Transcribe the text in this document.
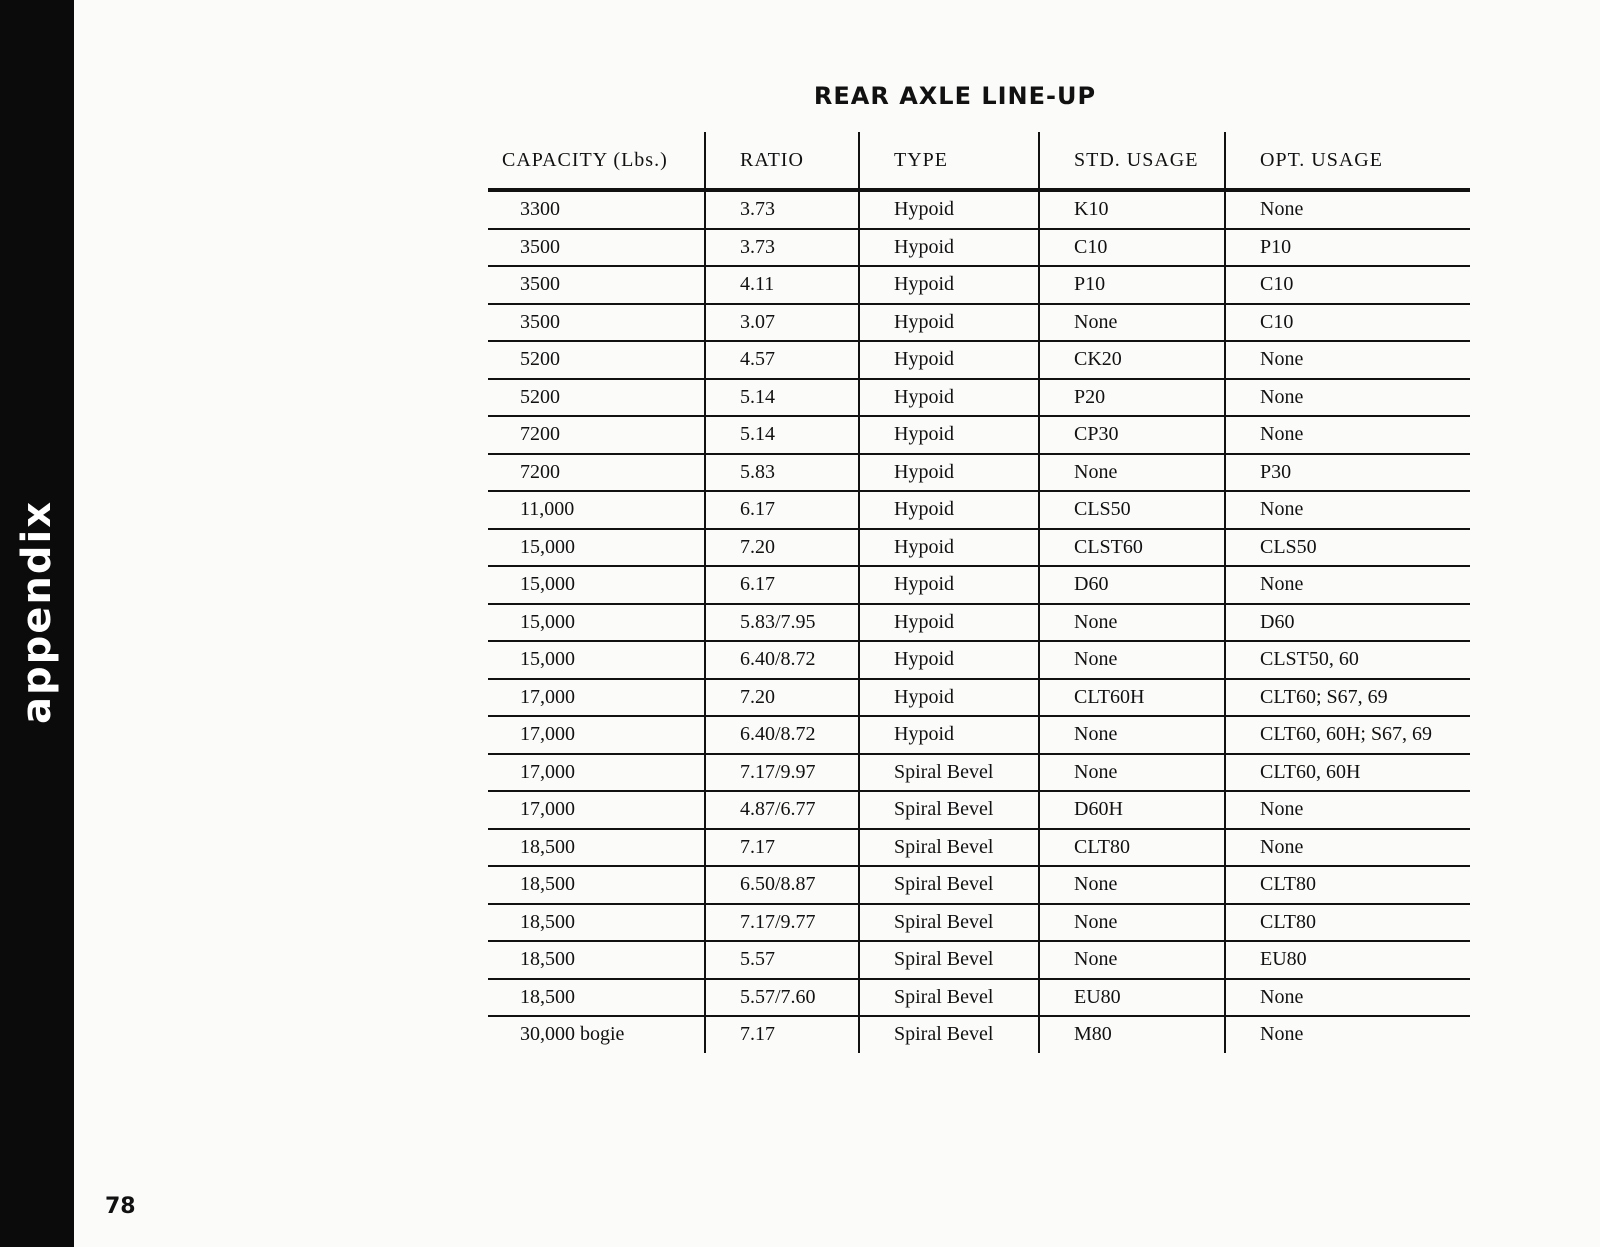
appendix
REAR AXLE LINE-UP
CAPACITY (Lbs.)	RATIO	TYPE	STD. USAGE	OPT. USAGE
3300	3.73	Hypoid	K10	None
3500	3.73	Hypoid	C10	P10
3500	4.11	Hypoid	P10	C10
3500	3.07	Hypoid	None	C10
5200	4.57	Hypoid	CK20	None
5200	5.14	Hypoid	P20	None
7200	5.14	Hypoid	CP30	None
7200	5.83	Hypoid	None	P30
11,000	6.17	Hypoid	CLS50	None
15,000	7.20	Hypoid	CLST60	CLS50
15,000	6.17	Hypoid	D60	None
15,000	5.83/7.95	Hypoid	None	D60
15,000	6.40/8.72	Hypoid	None	CLST50, 60
17,000	7.20	Hypoid	CLT60H	CLT60; S67, 69
17,000	6.40/8.72	Hypoid	None	CLT60, 60H; S67, 69
17,000	7.17/9.97	Spiral Bevel	None	CLT60, 60H
17,000	4.87/6.77	Spiral Bevel	D60H	None
18,500	7.17	Spiral Bevel	CLT80	None
18,500	6.50/8.87	Spiral Bevel	None	CLT80
18,500	7.17/9.77	Spiral Bevel	None	CLT80
18,500	5.57	Spiral Bevel	None	EU80
18,500	5.57/7.60	Spiral Bevel	EU80	None
30,000 bogie	7.17	Spiral Bevel	M80	None
78
